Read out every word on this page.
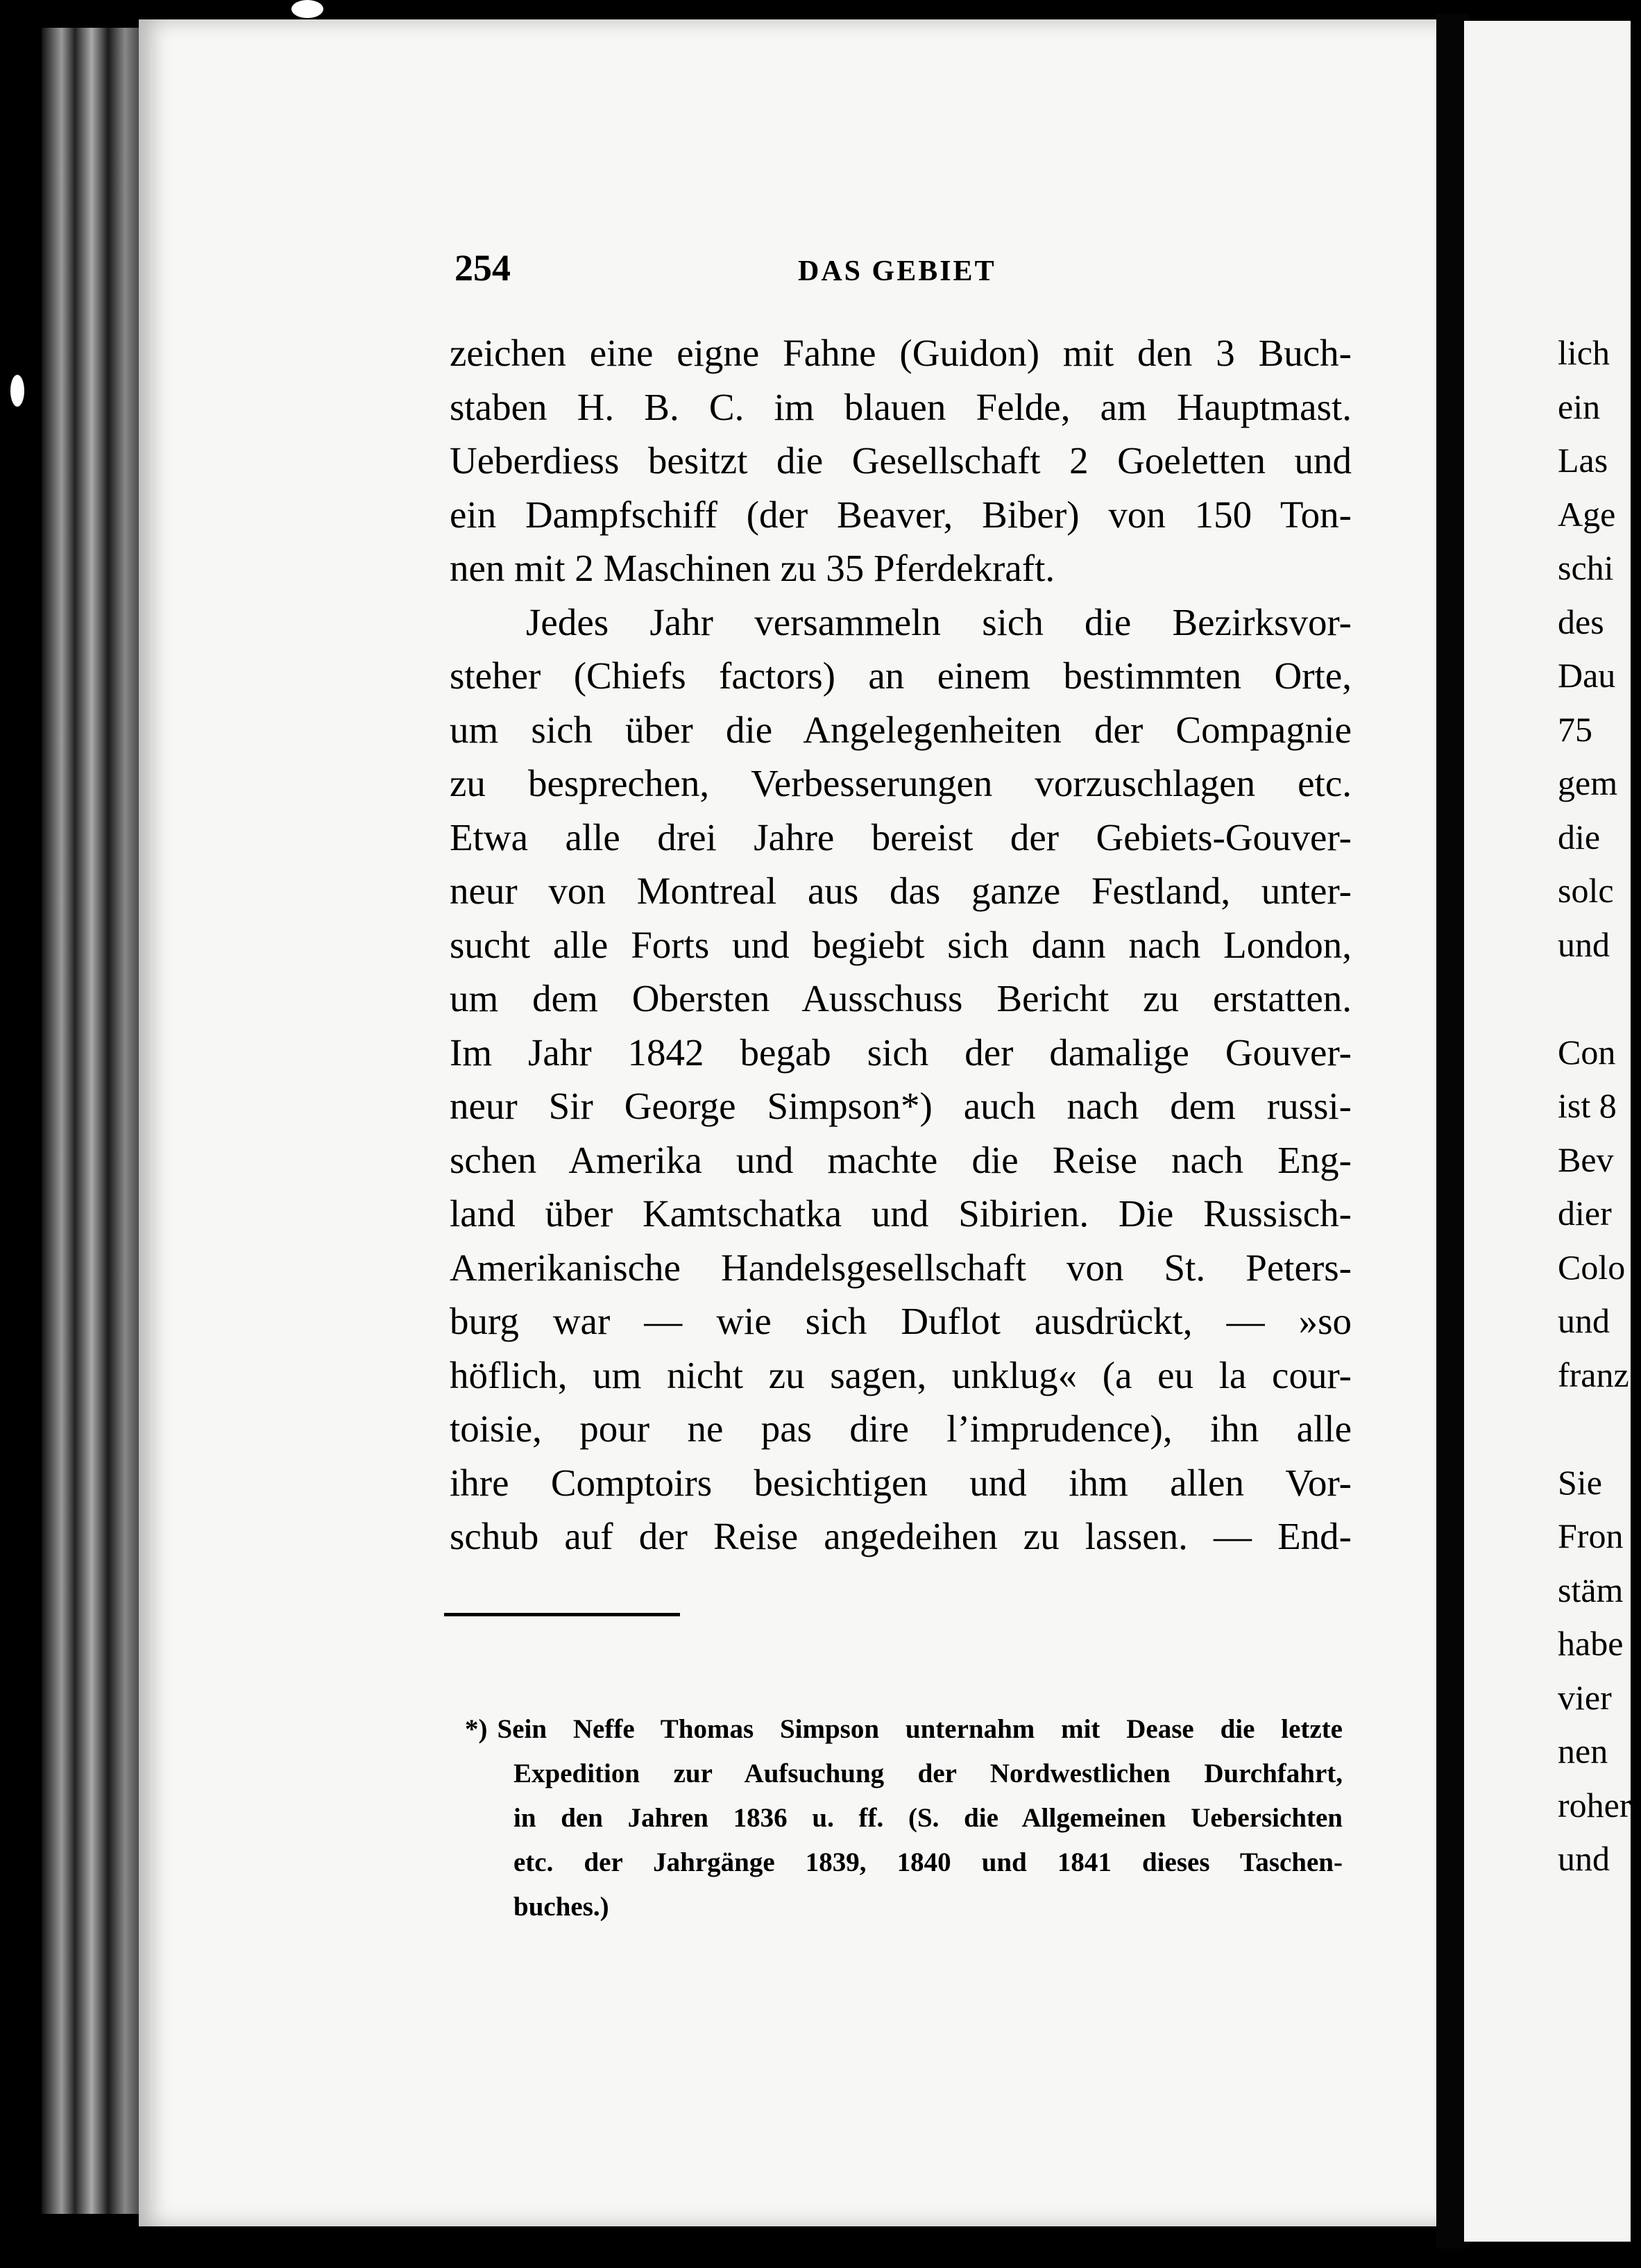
254	DAS GEBIET
zeichen eine eigne Fahne (Guidon) mit den 3 Buch-
staben H. B. C. im blauen Felde, am Hauptmast.
Ueberdiess besitzt die Gesellschaft 2 Goeletten und
ein Dampfschiff (der Beaver, Biber) von 150 Ton-
nen mit 2 Maschinen zu 35 Pferdekraft.
Jedes Jahr versammeln sich die Bezirksvor-
steher (Chiefs factors) an einem bestimmten Orte,
um sich über die Angelegenheiten der Compagnie
zu besprechen, Verbesserungen vorzuschlagen etc.
Etwa alle drei Jahre bereist der Gebiets-Gouver-
neur von Montreal aus das ganze Festland, unter-
sucht alle Forts und begiebt sich dann nach London,
um dem Obersten Ausschuss Bericht zu erstatten.
Im Jahr 1842 begab sich der damalige Gouver-
neur Sir George Simpson*) auch nach dem russi-
schen Amerika und machte die Reise nach Eng-
land über Kamtschatka und Sibirien. Die Russisch-
Amerikanische Handelsgesellschaft von St. Peters-
burg war — wie sich Duflot ausdrückt, — »so
höflich, um nicht zu sagen, unklug« (a eu la cour-
toisie, pour ne pas dire l’imprudence), ihn alle
ihre Comptoirs besichtigen und ihm allen Vor-
schub auf der Reise angedeihen zu lassen. — End-
*) Sein Neffe Thomas Simpson unternahm mit Dease die letzte
Expedition zur Aufsuchung der Nordwestlichen Durchfahrt,
in den Jahren 1836 u. ff. (S. die Allgemeinen Uebersichten
etc. der Jahrgänge 1839, 1840 und 1841 dieses Taschen-
buches.)
lich
ein
Las
Age
schi
des
Dau
75
gem
die
solc
und
Con
ist 8
Bev
dier
Colo
und
franz
Sie
Fron
stäm
habe
vier
nen
roher
und
